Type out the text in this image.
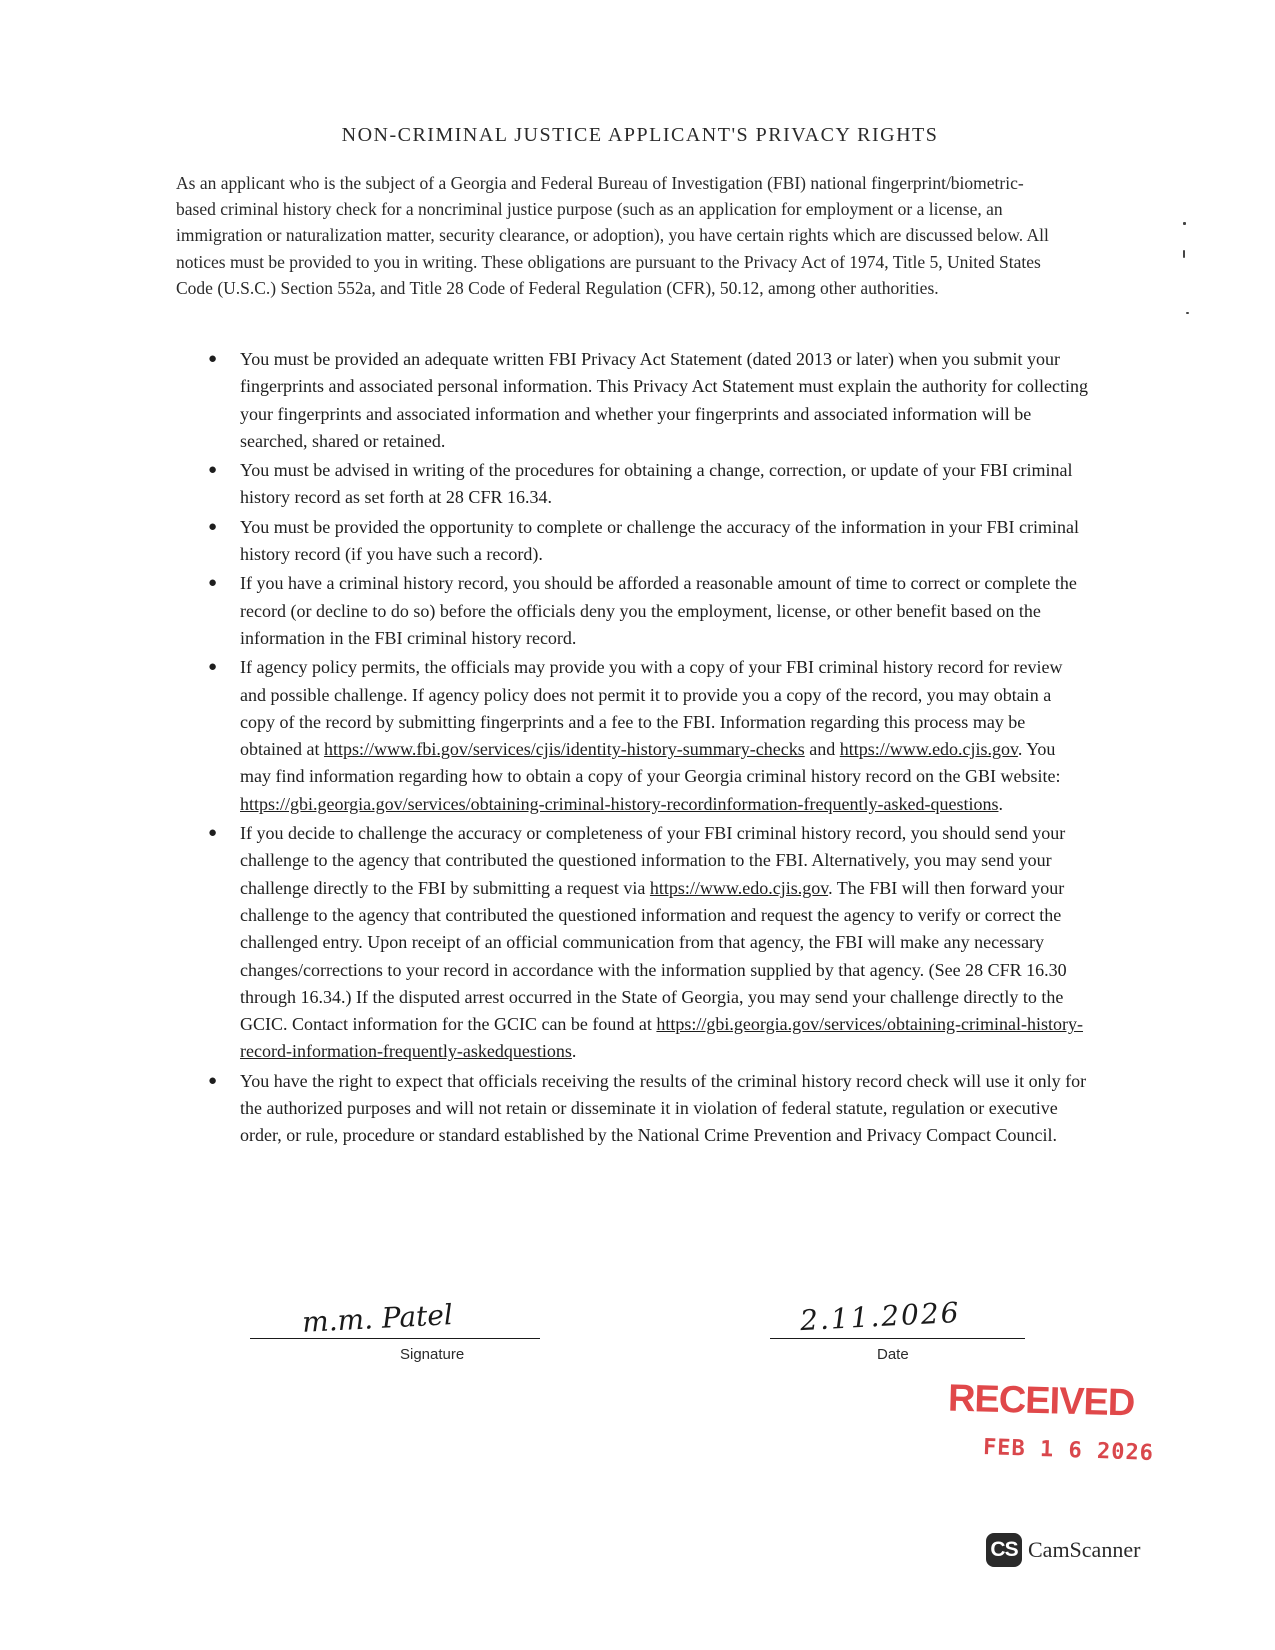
NON-CRIMINAL JUSTICE APPLICANT'S PRIVACY RIGHTS
As an applicant who is the subject of a Georgia and Federal Bureau of Investigation (FBI) national fingerprint/biometric-based criminal history check for a noncriminal justice purpose (such as an application for employment or a license, an immigration or naturalization matter, security clearance, or adoption), you have certain rights which are discussed below. All notices must be provided to you in writing. These obligations are pursuant to the Privacy Act of 1974, Title 5, United States Code (U.S.C.) Section 552a, and Title 28 Code of Federal Regulation (CFR), 50.12, among other authorities.
● You must be provided an adequate written FBI Privacy Act Statement (dated 2013 or later) when you submit your fingerprints and associated personal information. This Privacy Act Statement must explain the authority for collecting your fingerprints and associated information and whether your fingerprints and associated information will be searched, shared or retained.
● You must be advised in writing of the procedures for obtaining a change, correction, or update of your FBI criminal history record as set forth at 28 CFR 16.34.
● You must be provided the opportunity to complete or challenge the accuracy of the information in your FBI criminal history record (if you have such a record).
● If you have a criminal history record, you should be afforded a reasonable amount of time to correct or complete the record (or decline to do so) before the officials deny you the employment, license, or other benefit based on the information in the FBI criminal history record.
● If agency policy permits, the officials may provide you with a copy of your FBI criminal history record for review and possible challenge. If agency policy does not permit it to provide you a copy of the record, you may obtain a copy of the record by submitting fingerprints and a fee to the FBI. Information regarding this process may be obtained at https://www.fbi.gov/services/cjis/identity-history-summary-checks and https://www.edo.cjis.gov. You may find information regarding how to obtain a copy of your Georgia criminal history record on the GBI website: https://gbi.georgia.gov/services/obtaining-criminal-history-recordinformation-frequently-asked-questions.
● If you decide to challenge the accuracy or completeness of your FBI criminal history record, you should send your challenge to the agency that contributed the questioned information to the FBI. Alternatively, you may send your challenge directly to the FBI by submitting a request via https://www.edo.cjis.gov. The FBI will then forward your challenge to the agency that contributed the questioned information and request the agency to verify or correct the challenged entry. Upon receipt of an official communication from that agency, the FBI will make any necessary changes/corrections to your record in accordance with the information supplied by that agency. (See 28 CFR 16.30 through 16.34.) If the disputed arrest occurred in the State of Georgia, you may send your challenge directly to the GCIC. Contact information for the GCIC can be found at https://gbi.georgia.gov/services/obtaining-criminal-history-record-information-frequently-askedquestions.
● You have the right to expect that officials receiving the results of the criminal history record check will use it only for the authorized purposes and will not retain or disseminate it in violation of federal statute, regulation or executive order, or rule, procedure or standard established by the National Crime Prevention and Privacy Compact Council.
m.m. Patel
Signature
2.11.2026
Date
RECEIVED
FEB 1 6 2026
CS CamScanner
